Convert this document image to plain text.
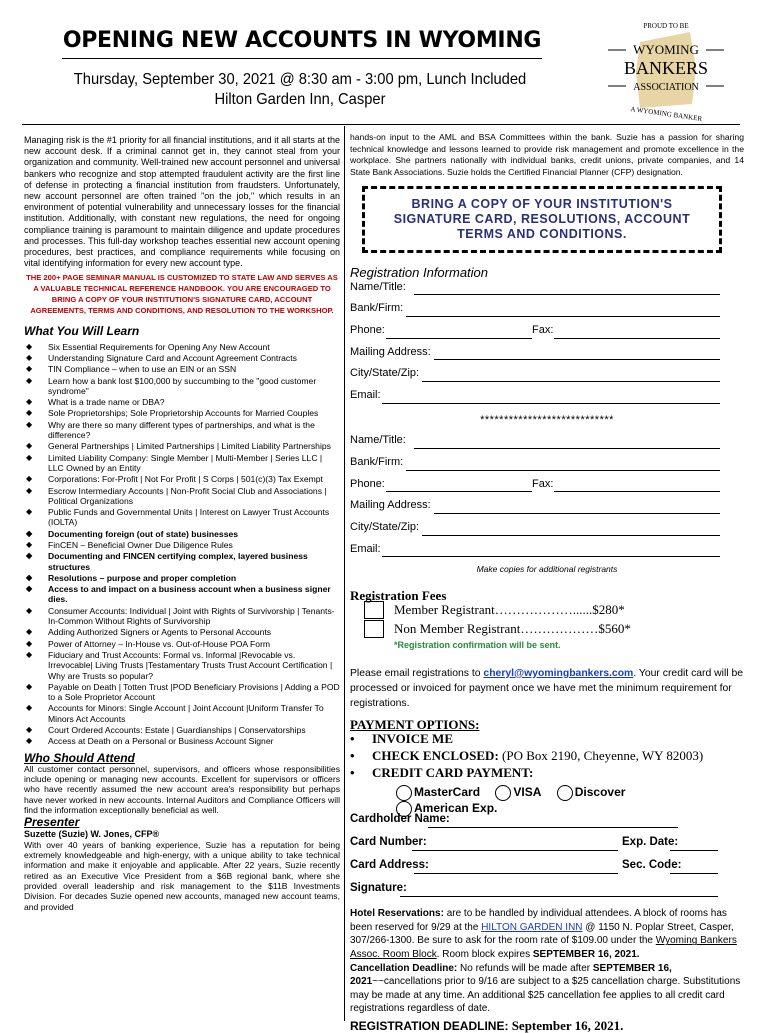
OPENING NEW ACCOUNTS IN WYOMING
Thursday, September 30, 2021 @ 8:30 am - 3:00 pm, Lunch Included
Hilton Garden Inn, Casper
PROUD TO BE
WYOMING
BANKERS
ASSOCIATION
A WYOMING BANKER

Managing risk is the #1 priority for all financial institutions, and it all starts at the new account desk. If a criminal cannot get in, they cannot steal from your organization and community. Well-trained new account personnel and universal bankers who recognize and stop attempted fraudulent activity are the first line of defense in protecting a financial institution from fraudsters. Unfortunately, new account personnel are often trained "on the job," which results in an environment of potential vulnerability and unnecessary losses for the financial institution. Additionally, with constant new regulations, the need for ongoing compliance training is paramount to maintain diligence and update procedures and processes. This full-day workshop teaches essential new account opening procedures, best practices, and compliance requirements while focusing on vital identifying information for every new account type.

THE 200+ PAGE SEMINAR MANUAL IS CUSTOMIZED TO STATE LAW AND SERVES AS A VALUABLE TECHNICAL REFERENCE HANDBOOK. YOU ARE ENCOURAGED TO BRING A COPY OF YOUR INSTITUTION'S SIGNATURE CARD, ACCOUNT AGREEMENTS, TERMS AND CONDITIONS, AND RESOLUTION TO THE WORKSHOP.
What You Will Learn
◆ Six Essential Requirements for Opening Any New Account
◆ Understanding Signature Card and Account Agreement Contracts
◆ TIN Compliance – when to use an EIN or an SSN
◆ Learn how a bank lost $100,000 by succumbing to the "good customer syndrome"
◆ What is a trade name or DBA?
◆ Sole Proprietorships; Sole Proprietorship Accounts for Married Couples
◆ Why are there so many different types of partnerships, and what is the difference?
◆ General Partnerships | Limited Partnerships | Limited Liability Partnerships
◆ Limited Liability Company: Single Member | Multi-Member | Series LLC | LLC Owned by an Entity
◆ Corporations: For-Profit | Not For Profit | S Corps | 501(c)(3) Tax Exempt
◆ Escrow Intermediary Accounts | Non-Profit Social Club and Associations | Political Organizations
◆ Public Funds and Governmental Units | Interest on Lawyer Trust Accounts (IOLTA)
◆ Documenting foreign (out of state) businesses
◆ FinCEN – Beneficial Owner Due Diligence Rules
◆ Documenting and FINCEN certifying complex, layered business structures
◆ Resolutions – purpose and proper completion
◆ Access to and impact on a business account when a business signer dies.
◆ Consumer Accounts: Individual | Joint with Rights of Survivorship | Tenants-In-Common Without Rights of Survivorship
◆ Adding Authorized Signers or Agents to Personal Accounts
◆ Power of Attorney – In-House vs. Out-of-House POA Form
◆ Fiduciary and Trust Accounts: Formal vs. Informal |Revocable vs. Irrevocable| Living Trusts |Testamentary Trusts Trust Account Certification | Why are Trusts so popular?
◆ Payable on Death | Totten Trust |POD Beneficiary Provisions | Adding a POD to a Sole Proprietor Account
◆ Accounts for Minors: Single Account | Joint Account |Uniform Transfer To Minors Act Accounts
◆ Court Ordered Accounts: Estate | Guardianships | Conservatorships
◆ Access at Death on a Personal or Business Account Signer
Who Should Attend

All customer contact personnel, supervisors, and officers whose responsibilities include opening or managing new accounts. Excellent for supervisors or officers who have recently assumed the new account area's responsibility but perhaps have never worked in new accounts. Internal Auditors and Compliance Officers will find the information exceptionally beneficial as well.

Presenter
Suzette (Suzie) W. Jones, CFP®

With over 40 years of banking experience, Suzie has a reputation for being extremely knowledgeable and high-energy, with a unique ability to take technical information and make it enjoyable and applicable. After 22 years, Suzie recently retired as an Executive Vice President from a $6B regional bank, where she provided overall leadership and risk management to the $11B Investments Division. For decades Suzie opened new accounts, managed new account teams, and provided

hands-on input to the AML and BSA Committees within the bank. Suzie has a passion for sharing technical knowledge and lessons learned to provide risk management and promote excellence in the workplace. She partners nationally with individual banks, credit unions, private companies, and 14 State Bank Associations. Suzie holds the Certified Financial Planner (CFP) designation.

BRING A COPY OF YOUR INSTITUTION'S SIGNATURE CARD, RESOLUTIONS, ACCOUNT TERMS AND CONDITIONS.
Registration Information
Name/Title:
Bank/Firm:
Phone:	Fax:
Mailing Address:
City/State/Zip:
Email:
****************************
Name/Title:
Bank/Firm:
Phone:	Fax:
Mailing Address:
City/State/Zip:
Email:
Make copies for additional registrants
Registration Fees
Member Registrant………………......$280*
Non Member Registrant………………$560*
*Registration confirmation will be sent.
Please email registrations to cheryl@wyomingbankers.com. Your credit card will be processed or invoiced for payment once we have met the minimum requirement for registrations.
PAYMENT OPTIONS:
• INVOICE ME
• CHECK ENCLOSED: (PO Box 2190, Cheyenne, WY 82003)
• CREDIT CARD PAYMENT:
MasterCard	VISA	Discover American Exp.
Cardholder Name:
Card Number:	Exp. Date:
Card Address:	Sec. Code:
Signature:
Hotel Reservations: are to be handled by individual attendees. A block of rooms has been reserved for 9/29 at the HILTON GARDEN INN @ 1150 N. Poplar Street, Casper, 307/266-1300. Be sure to ask for the room rate of $109.00 under the Wyoming Bankers Assoc. Room Block. Room block expires SEPTEMBER 16, 2021.
Cancellation Deadline: No refunds will be made after SEPTEMBER 16, 2021~~cancellations prior to 9/16 are subject to a $25 cancellation charge. Substitutions may be made at any time. An additional $25 cancellation fee applies to all credit card registrations regardless of date.
REGISTRATION DEADLINE: September 16, 2021.
